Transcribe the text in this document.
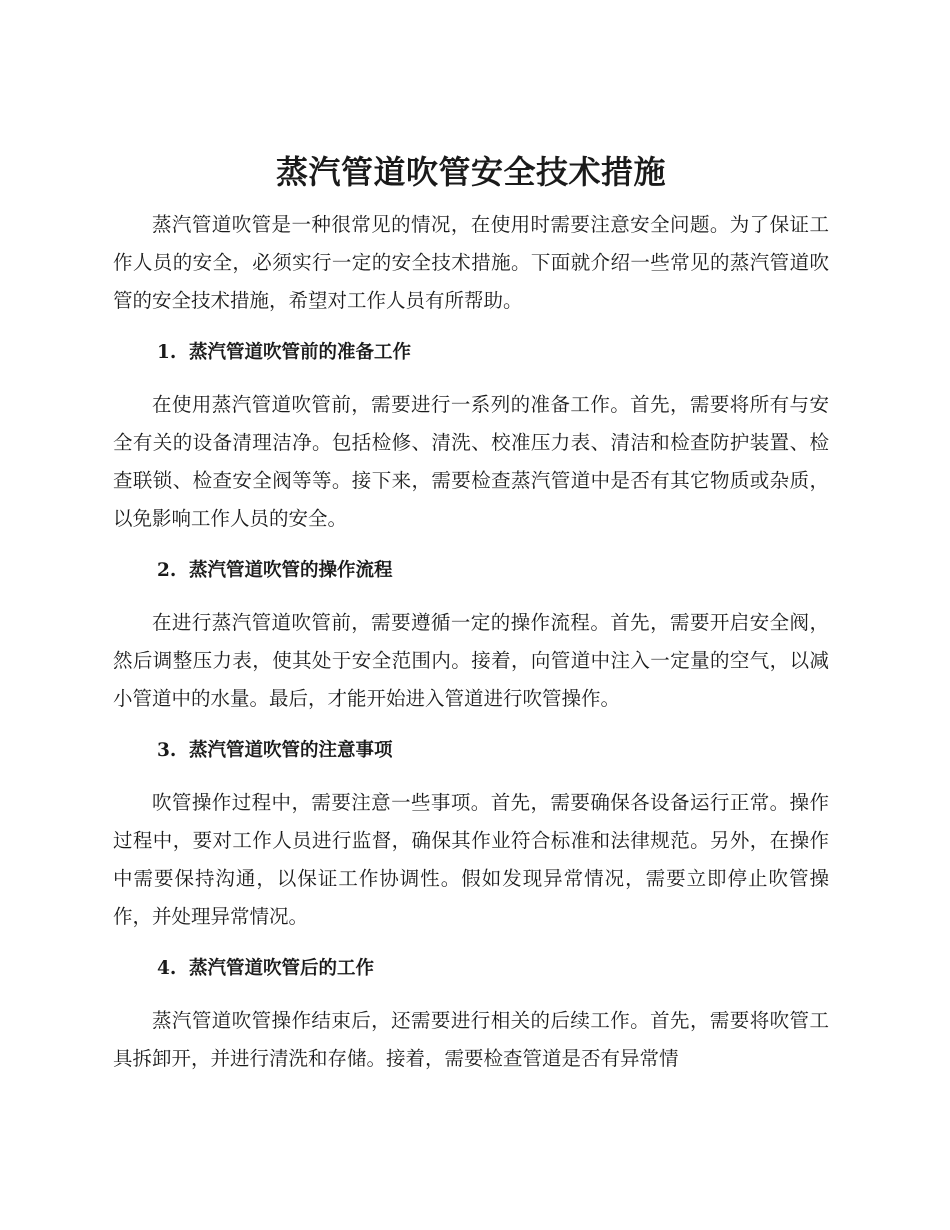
蒸汽管道吹管安全技术措施

蒸汽管道吹管是一种很常见的情况，在使用时需要注意安全问题。为了保证工作人员的安全，必须实行一定的安全技术措施。下面就介绍一些常见的蒸汽管道吹管的安全技术措施，希望对工作人员有所帮助。

1. 蒸汽管道吹管前的准备工作

在使用蒸汽管道吹管前，需要进行一系列的准备工作。首先，需要将所有与安全有关的设备清理洁净。包括检修、清洗、校准压力表、清洁和检查防护装置、检查联锁、检查安全阀等等。接下来，需要检查蒸汽管道中是否有其它物质或杂质，以免影响工作人员的安全。

2. 蒸汽管道吹管的操作流程

在进行蒸汽管道吹管前，需要遵循一定的操作流程。首先，需要开启安全阀，然后调整压力表，使其处于安全范围内。接着，向管道中注入一定量的空气，以减小管道中的水量。最后，才能开始进入管道进行吹管操作。

3. 蒸汽管道吹管的注意事项

吹管操作过程中，需要注意一些事项。首先，需要确保各设备运行正常。操作过程中，要对工作人员进行监督，确保其作业符合标准和法律规范。另外，在操作中需要保持沟通，以保证工作协调性。假如发现异常情况，需要立即停止吹管操作，并处理异常情况。

4. 蒸汽管道吹管后的工作

蒸汽管道吹管操作结束后，还需要进行相关的后续工作。首先，需要将吹管工具拆卸开，并进行清洗和存储。接着，需要检查管道是否有异常情
